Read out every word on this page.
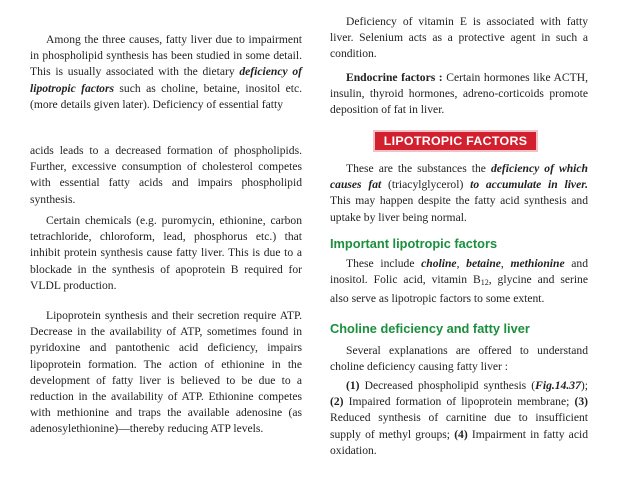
Among the three causes, fatty liver due to impairment in phospholipid synthesis has been studied in some detail. This is usually associated with the dietary deficiency of lipotropic factors such as choline, betaine, inositol etc. (more details given later). Deficiency of essential fatty

acids leads to a decreased formation of phospholipids. Further, excessive consumption of cholesterol competes with essential fatty acids and impairs phospholipid synthesis.

Certain chemicals (e.g. puromycin, ethionine, carbon tetrachloride, chloroform, lead, phosphorus etc.) that inhibit protein synthesis cause fatty liver. This is due to a blockade in the synthesis of apoprotein B required for VLDL production.

Lipoprotein synthesis and their secretion require ATP. Decrease in the availability of ATP, sometimes found in pyridoxine and pantothenic acid deficiency, impairs lipoprotein formation. The action of ethionine in the development of fatty liver is believed to be due to a reduction in the availability of ATP. Ethionine competes with methionine and traps the available adenosine (as adenosylethionine)—thereby reducing ATP levels.

Deficiency of vitamin E is associated with fatty liver. Selenium acts as a protective agent in such a condition.

Endocrine factors : Certain hormones like ACTH, insulin, thyroid hormones, adreno-corticoids promote deposition of fat in liver.

LIPOTROPIC FACTORS

These are the substances the deficiency of which causes fat (triacylglycerol) to accumulate in liver. This may happen despite the fatty acid synthesis and uptake by liver being normal.

Important lipotropic factors

These include choline, betaine, methionine and inositol. Folic acid, vitamin $B_{12}$, glycine and serine also serve as lipotropic factors to some extent.

Choline deficiency and fatty liver

Several explanations are offered to understand choline deficiency causing fatty liver :

(1) Decreased phospholipid synthesis (Fig.14.37); (2) Impaired formation of lipoprotein membrane; (3) Reduced synthesis of carnitine due to insufficient supply of methyl groups; (4) Impairment in fatty acid oxidation.
